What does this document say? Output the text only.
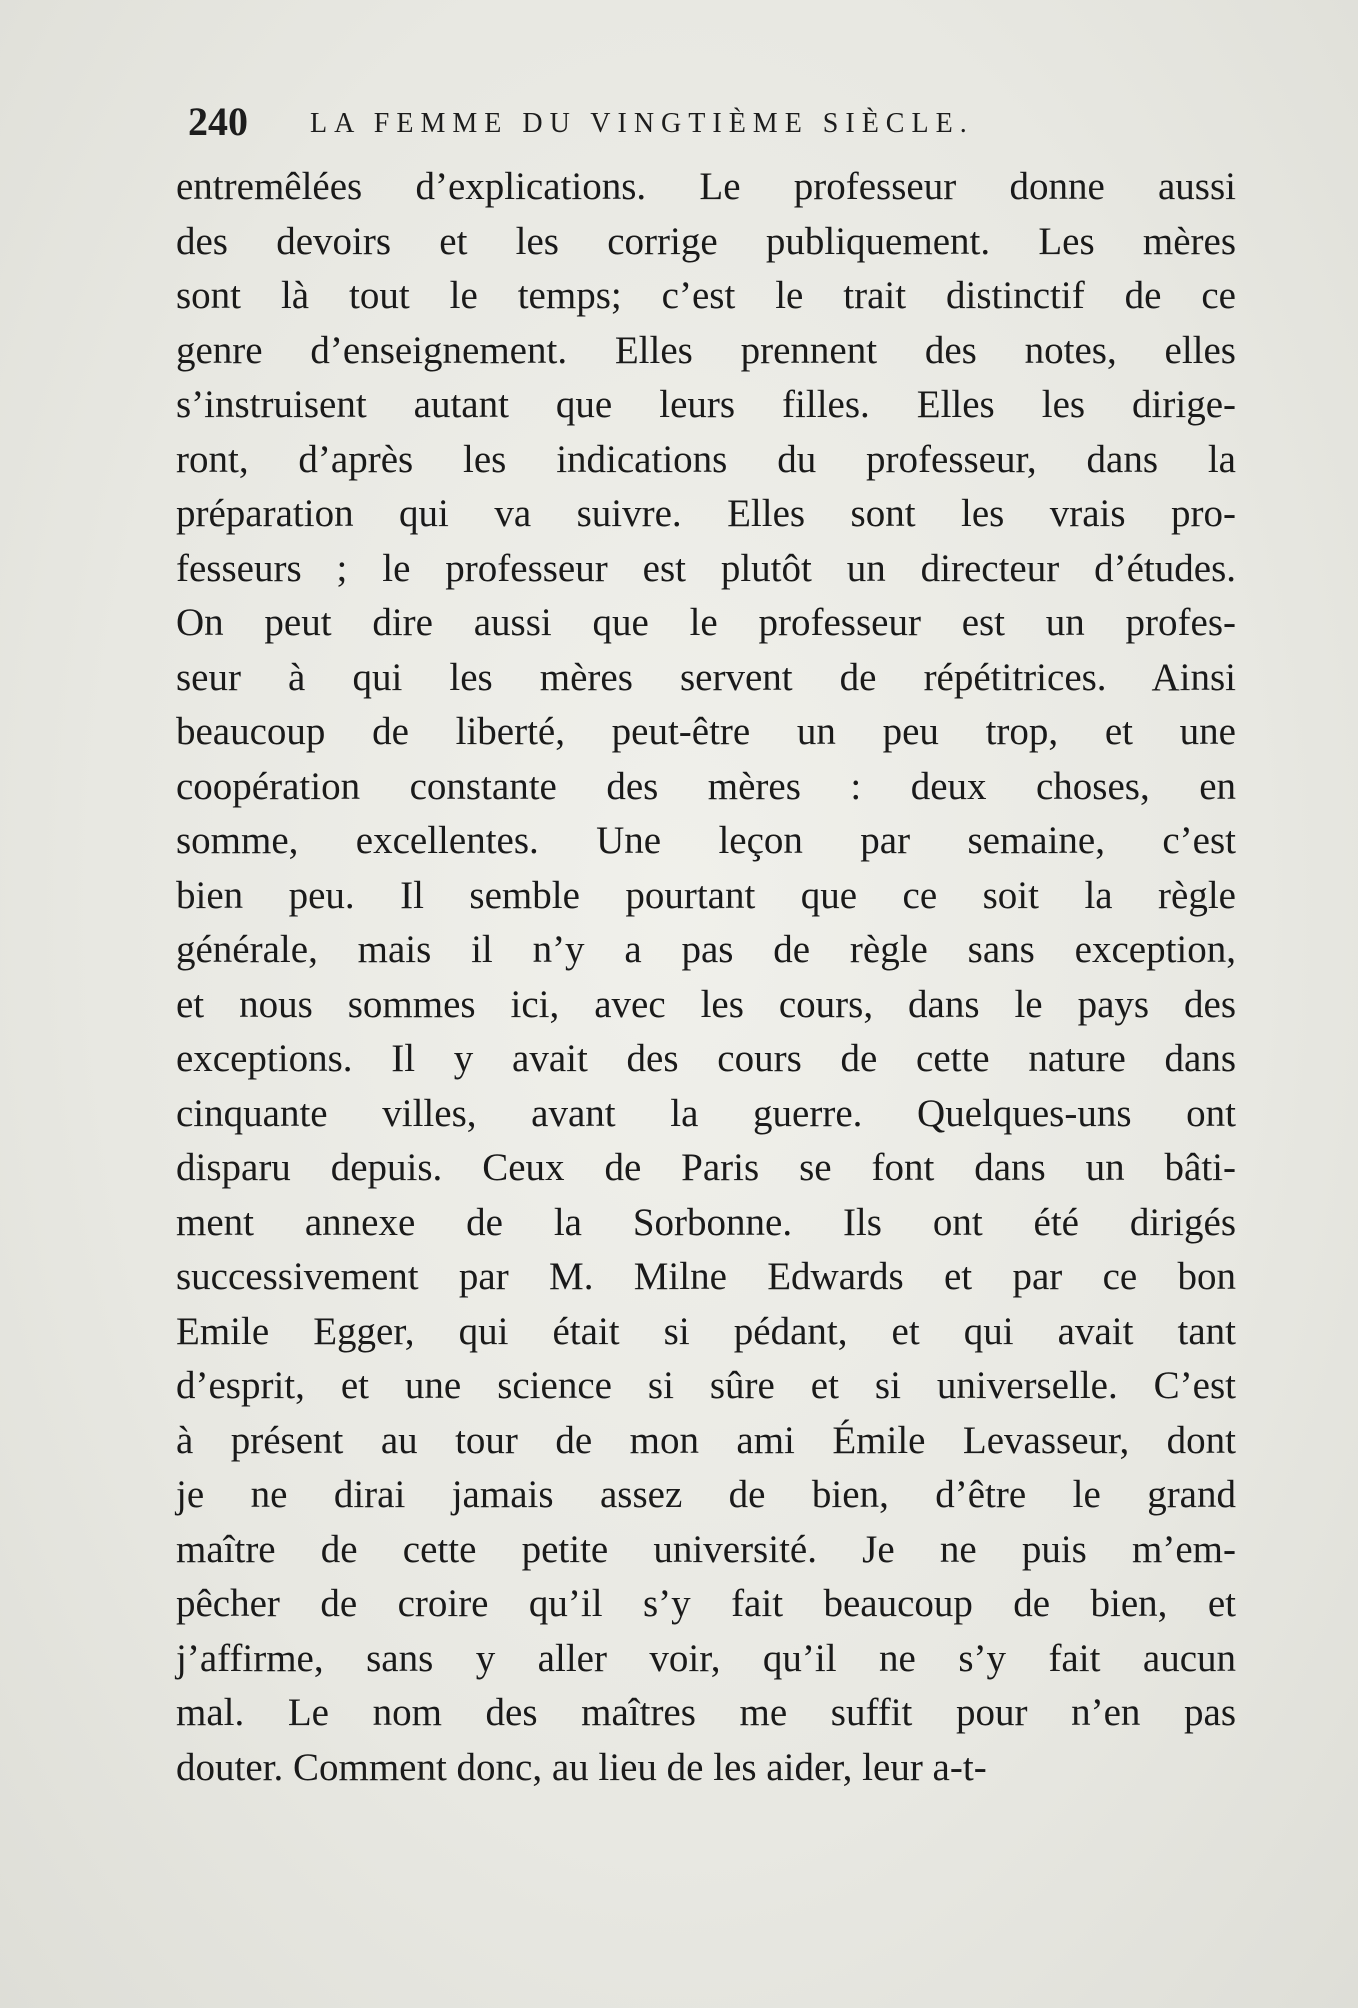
240 LA FEMME DU VINGTIÈME SIÈCLE.
entremêlées d’explications. Le professeur donne aussi
des devoirs et les corrige publiquement. Les mères
sont là tout le temps; c’est le trait distinctif de ce
genre d’enseignement. Elles prennent des notes, elles
s’instruisent autant que leurs filles. Elles les dirige-
ront, d’après les indications du professeur, dans la
préparation qui va suivre. Elles sont les vrais pro-
fesseurs ; le professeur est plutôt un directeur d’études.
On peut dire aussi que le professeur est un profes-
seur à qui les mères servent de répétitrices. Ainsi
beaucoup de liberté, peut-être un peu trop, et une
coopération constante des mères : deux choses, en
somme, excellentes. Une leçon par semaine, c’est
bien peu. Il semble pourtant que ce soit la règle
générale, mais il n’y a pas de règle sans exception,
et nous sommes ici, avec les cours, dans le pays des
exceptions. Il y avait des cours de cette nature dans
cinquante villes, avant la guerre. Quelques-uns ont
disparu depuis. Ceux de Paris se font dans un bâti-
ment annexe de la Sorbonne. Ils ont été dirigés
successivement par M. Milne Edwards et par ce bon
Emile Egger, qui était si pédant, et qui avait tant
d’esprit, et une science si sûre et si universelle. C’est
à présent au tour de mon ami Émile Levasseur, dont
je ne dirai jamais assez de bien, d’être le grand
maître de cette petite université. Je ne puis m’em-
pêcher de croire qu’il s’y fait beaucoup de bien, et
j’affirme, sans y aller voir, qu’il ne s’y fait aucun
mal. Le nom des maîtres me suffit pour n’en pas
douter. Comment donc, au lieu de les aider, leur a-t-
